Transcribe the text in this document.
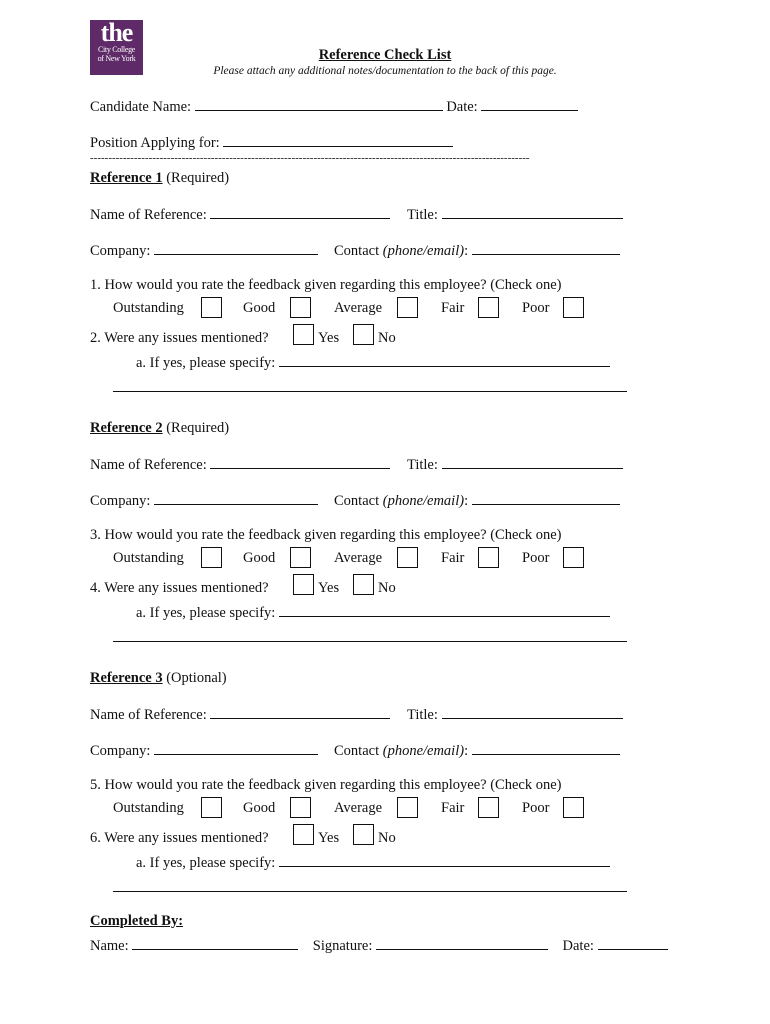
the
City College
of New York	Reference Check List
Please attach any additional notes/documentation to the back of this page.
Candidate Name:	Date:
Position Applying for:
------------------------------------------------------------------------------------------------------------------------
Reference 1 (Required)
Name of Reference:	Title:
Company:	Contact (phone/email):
1. How would you rate the feedback given regarding this employee? (Check one)
Outstanding	Good	Average	Fair	Poor
2. Were any issues mentioned?	Yes	No
a. If yes, please specify:
Reference 2 (Required)
Name of Reference:	Title:
Company:	Contact (phone/email):
3. How would you rate the feedback given regarding this employee? (Check one)
Outstanding	Good	Average	Fair	Poor
4. Were any issues mentioned?	Yes	No
a. If yes, please specify:
Reference 3 (Optional)
Name of Reference:	Title:
Company:	Contact (phone/email):
5. How would you rate the feedback given regarding this employee? (Check one)
Outstanding	Good	Average	Fair	Poor
6. Were any issues mentioned?	Yes	No
a. If yes, please specify:
Completed By:
Name:	Signature:	Date:
